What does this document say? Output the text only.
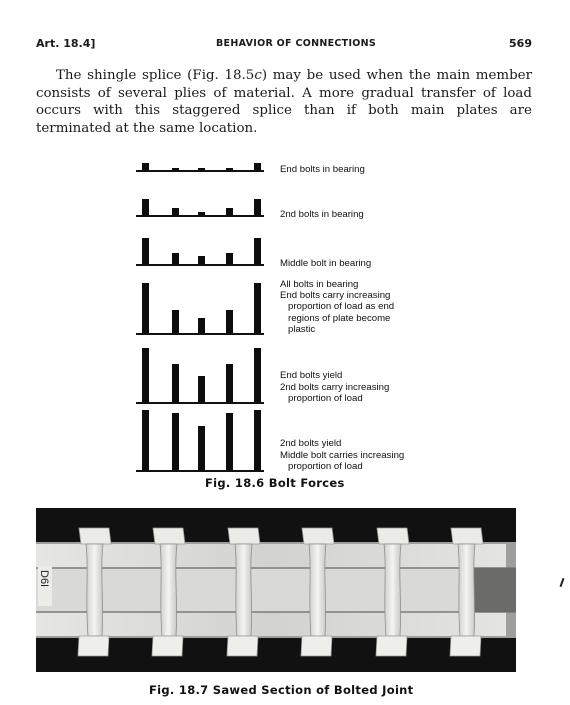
Art. 18.4]	BEHAVIOR OF CONNECTIONS	569

The shingle splice (Fig. 18.5c) may be used when the main member consists of several plies of material. A more gradual transfer of load occurs with this staggered splice than if both main plates are terminated at the same location.

End bolts in bearing
2nd bolts in bearing
Middle bolt in bearing
All bolts in bearing
End bolts carry increasing
proportion of load as end
regions of plate become
plastic
End bolts yield
2nd bolts carry increasing
proportion of load
2nd bolts yield
Middle bolt carries increasing
proportion of load
Fig. 18.6 Bolt Forces
D6I
Fig. 18.7 Sawed Section of Bolted Joint
